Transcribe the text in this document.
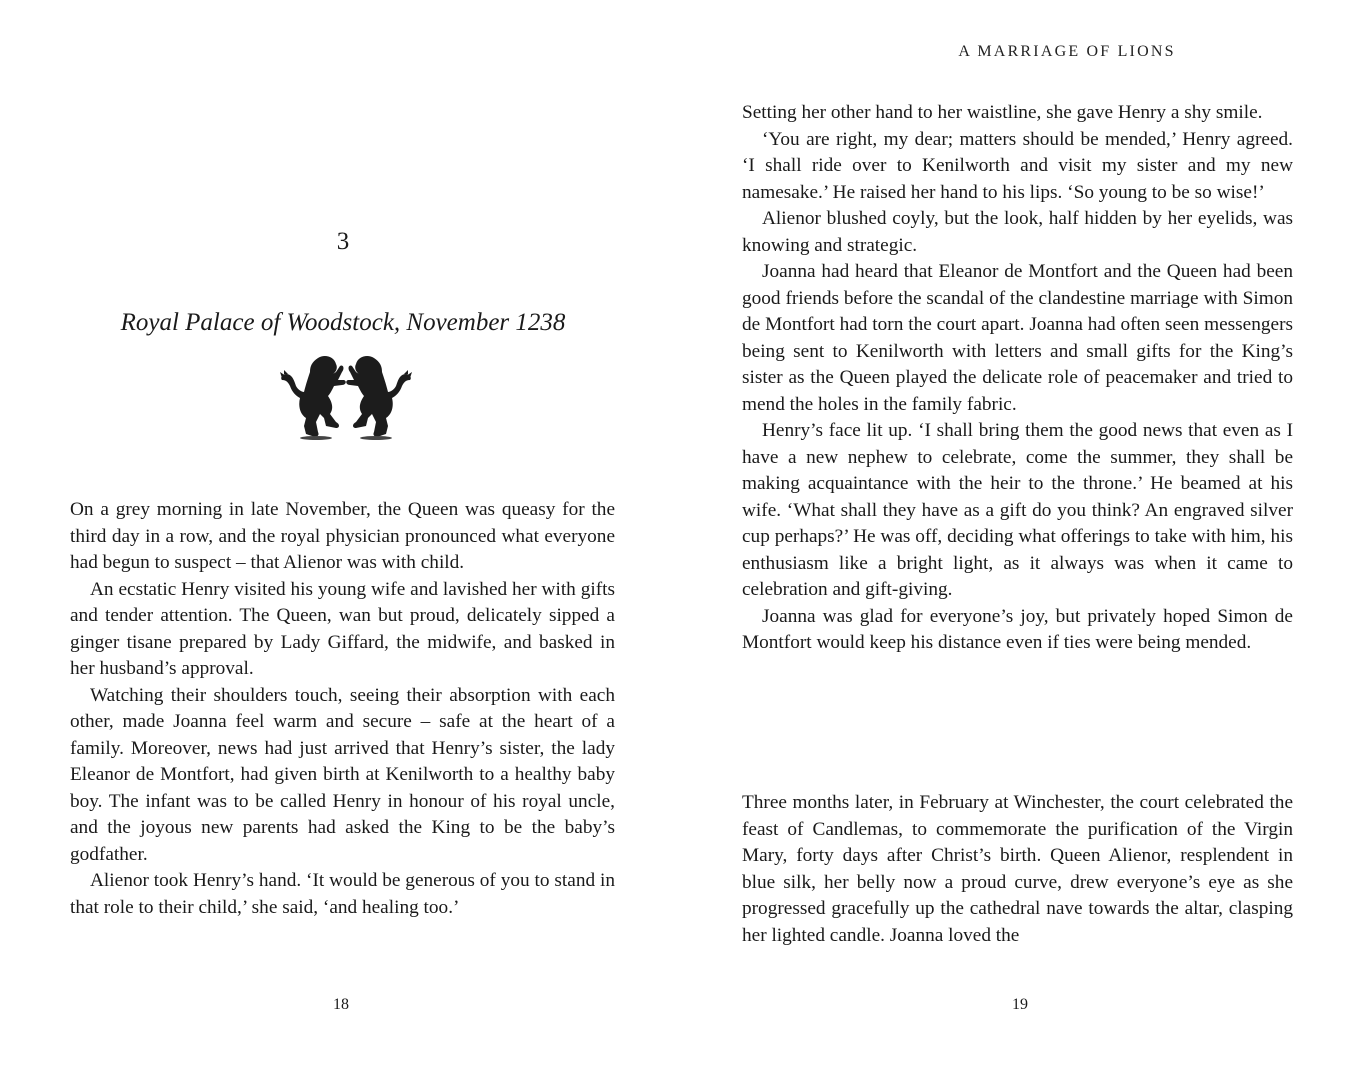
3
Royal Palace of Woodstock, November 1238

On a grey morning in late November, the Queen was queasy for the third day in a row, and the royal physician pronounced what everyone had begun to suspect – that Alienor was with child.

An ecstatic Henry visited his young wife and lavished her with gifts and tender attention. The Queen, wan but proud, delicately sipped a ginger tisane prepared by Lady Giffard, the midwife, and basked in her husband’s approval.

Watching their shoulders touch, seeing their absorption with each other, made Joanna feel warm and secure – safe at the heart of a family. Moreover, news had just arrived that Henry’s sister, the lady Eleanor de Montfort, had given birth at Kenilworth to a healthy baby boy. The infant was to be called Henry in honour of his royal uncle, and the joyous new parents had asked the King to be the baby’s godfather.

Alienor took Henry’s hand. ‘It would be generous of you to stand in that role to their child,’ she said, ‘and healing too.’

18
A MARRIAGE OF LIONS

Setting her other hand to her waistline, she gave Henry a shy smile.

‘You are right, my dear; matters should be mended,’ Henry agreed. ‘I shall ride over to Kenilworth and visit my sister and my new namesake.’ He raised her hand to his lips. ‘So young to be so wise!’

Alienor blushed coyly, but the look, half hidden by her eyelids, was knowing and strategic.

Joanna had heard that Eleanor de Montfort and the Queen had been good friends before the scandal of the clandestine marriage with Simon de Montfort had torn the court apart. Joanna had often seen messengers being sent to Kenilworth with letters and small gifts for the King’s sister as the Queen played the delicate role of peacemaker and tried to mend the holes in the family fabric.

Henry’s face lit up. ‘I shall bring them the good news that even as I have a new nephew to celebrate, come the summer, they shall be making acquaintance with the heir to the throne.’ He beamed at his wife. ‘What shall they have as a gift do you think? An engraved silver cup perhaps?’ He was off, deciding what offerings to take with him, his enthusiasm like a bright light, as it always was when it came to celebration and gift-giving.

Joanna was glad for everyone’s joy, but privately hoped Simon de Montfort would keep his distance even if ties were being mended.

Three months later, in February at Winchester, the court celebrated the feast of Candlemas, to commemorate the purification of the Virgin Mary, forty days after Christ’s birth. Queen Alienor, resplendent in blue silk, her belly now a proud curve, drew everyone’s eye as she progressed gracefully up the cathedral nave towards the altar, clasping her lighted candle. Joanna loved the

19
